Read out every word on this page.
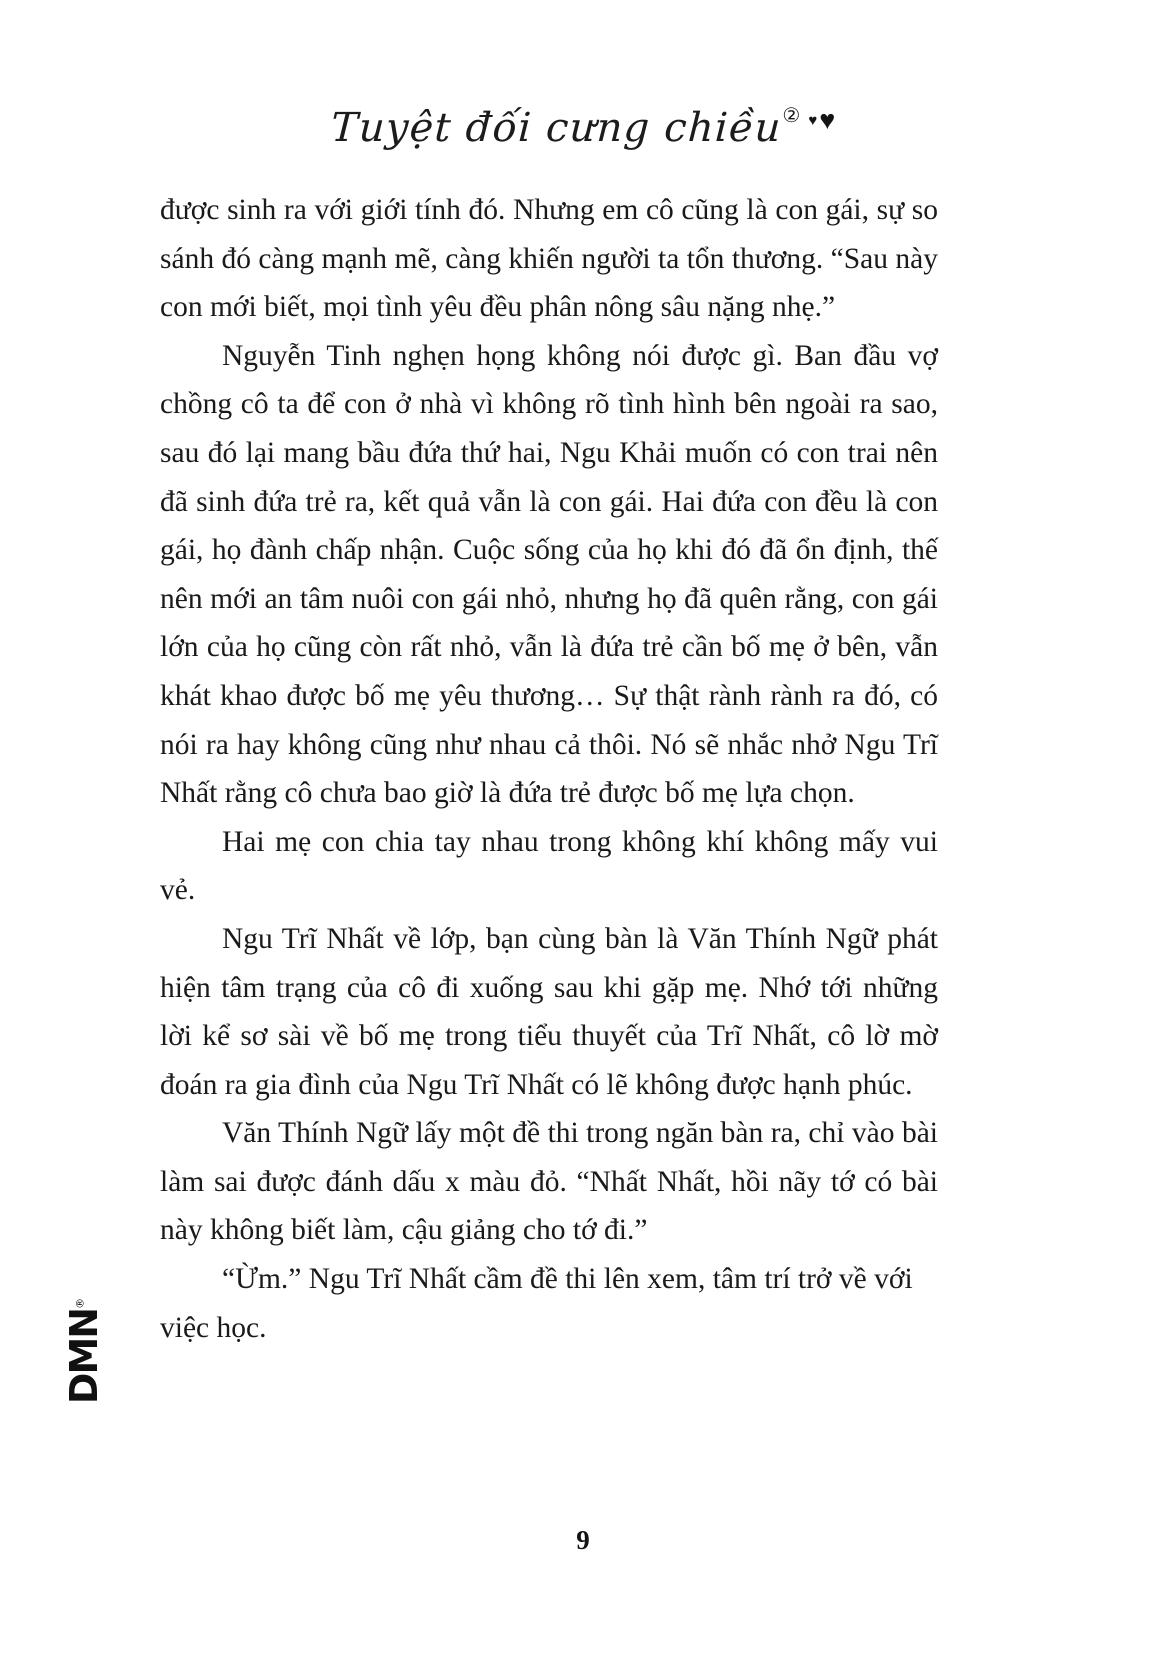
Tuyệt đối cưng chiều ② ♥♥

được sinh ra với giới tính đó. Nhưng em cô cũng là con gái, sự so sánh đó càng mạnh mẽ, càng khiến người ta tổn thương. “Sau này con mới biết, mọi tình yêu đều phân nông sâu nặng nhẹ.”

Nguyễn Tinh nghẹn họng không nói được gì. Ban đầu vợ chồng cô ta để con ở nhà vì không rõ tình hình bên ngoài ra sao, sau đó lại mang bầu đứa thứ hai, Ngu Khải muốn có con trai nên đã sinh đứa trẻ ra, kết quả vẫn là con gái. Hai đứa con đều là con gái, họ đành chấp nhận. Cuộc sống của họ khi đó đã ổn định, thế nên mới an tâm nuôi con gái nhỏ, nhưng họ đã quên rằng, con gái lớn của họ cũng còn rất nhỏ, vẫn là đứa trẻ cần bố mẹ ở bên, vẫn khát khao được bố mẹ yêu thương… Sự thật rành rành ra đó, có nói ra hay không cũng như nhau cả thôi. Nó sẽ nhắc nhở Ngu Trĩ Nhất rằng cô chưa bao giờ là đứa trẻ được bố mẹ lựa chọn.

Hai mẹ con chia tay nhau trong không khí không mấy vui vẻ.

Ngu Trĩ Nhất về lớp, bạn cùng bàn là Văn Thính Ngữ phát hiện tâm trạng của cô đi xuống sau khi gặp mẹ. Nhớ tới những lời kể sơ sài về bố mẹ trong tiểu thuyết của Trĩ Nhất, cô lờ mờ đoán ra gia đình của Ngu Trĩ Nhất có lẽ không được hạnh phúc.

Văn Thính Ngữ lấy một đề thi trong ngăn bàn ra, chỉ vào bài làm sai được đánh dấu x màu đỏ. “Nhất Nhất, hồi nãy tớ có bài này không biết làm, cậu giảng cho tớ đi.”

“Ừm.” Ngu Trĩ Nhất cầm đề thi lên xem, tâm trí trở về với việc học.

DMN®
9
